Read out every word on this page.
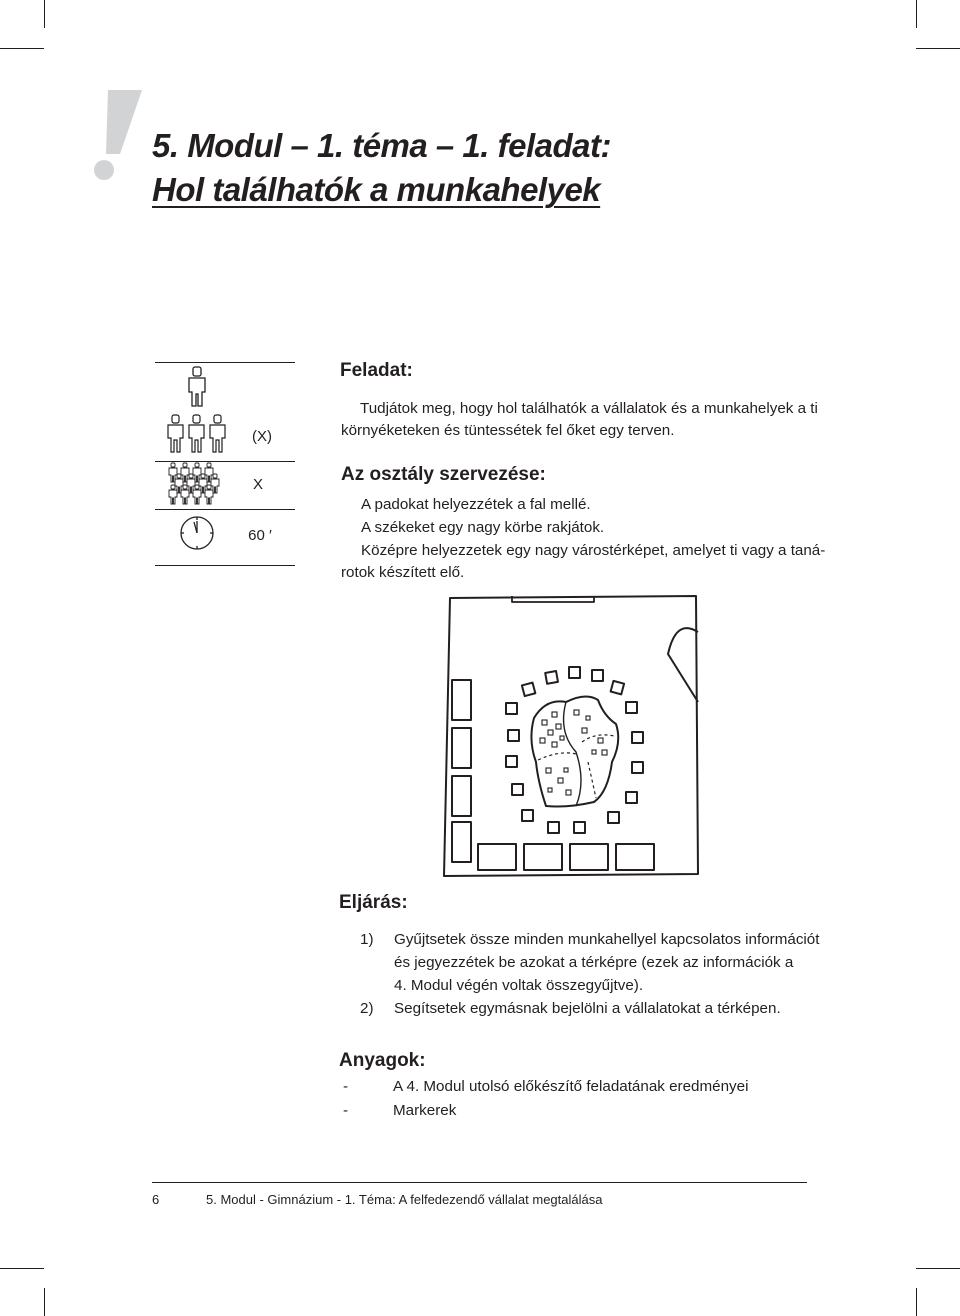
5. Modul – 1. téma – 1. feladat:
Hol találhatók a munkahelyek
(X)
X
60 ′
Feladat:
Tudjátok meg, hogy hol találhatók a vállalatok és a munkahelyek a ti
környéketeken és tüntessétek fel őket egy terven.
Az osztály szervezése:
A padokat helyezzétek a fal mellé.
A székeket egy nagy körbe rakjátok.
Középre helyezzetek egy nagy várostérképet, amelyet ti vagy a taná-
rotok készített elő.
Eljárás:
1) Gyűjtsetek össze minden munkahellyel kapcsolatos információt
és jegyezzétek be azokat a térképre (ezek az információk a
4. Modul végén voltak összegyűjtve).
2) Segítsetek egymásnak bejelölni a vállalatokat a térképen.
Anyagok:
-	A 4. Modul utolsó előkészítő feladatának eredményei
-	Markerek
6	5. Modul - Gimnázium - 1. Téma: A felfedezendő vállalat megtalálása
